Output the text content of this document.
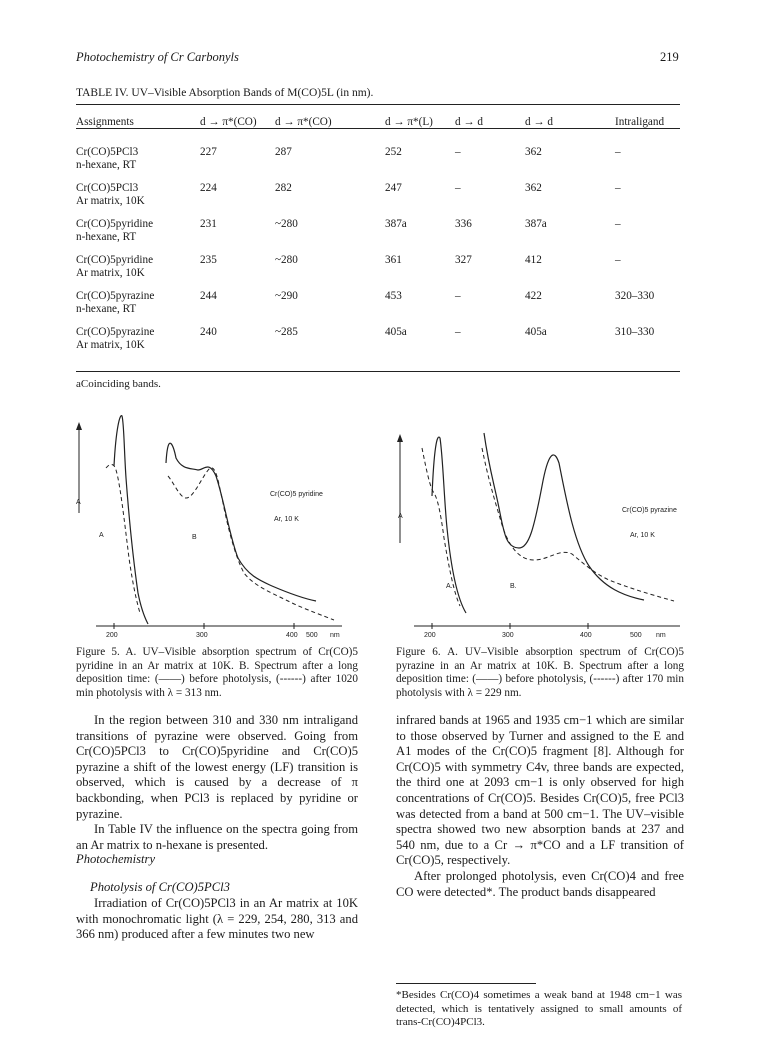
Photochemistry of Cr Carbonyls	219
TABLE IV. UV–Visible Absorption Bands of M(CO)5L (in nm).
Assignments	d → π*(CO)	d → π*(CO)	d → π*(L)	d → d	d → d	Intraligand

Cr(CO)5PCl3
n-hexane, RT	227	287	252	–	362	–

Cr(CO)5PCl3
Ar matrix, 10K	224	282	247	–	362	–

Cr(CO)5pyridine
n-hexane, RT	231	~280	387a	336	387a	–

Cr(CO)5pyridine
Ar matrix, 10K	235	~280	361	327	412	–

Cr(CO)5pyrazine
n-hexane, RT	244	~290	453	–	422	320–330

Cr(CO)5pyrazine
Ar matrix, 10K	240	~285	405a	–	405a	310–330
aCoinciding bands.
A
A	B
Cr(CO)5 pyridine
Ar, 10 K
200	300	400 500 nm
Figure 5. A. UV–Visible absorption spectrum of Cr(CO)5 pyridine in an Ar matrix at 10K. B. Spectrum after a long deposition time: (——) before photolysis, (------) after 1020 min photolysis with λ = 313 nm.
A
A.	B.
Cr(CO)5 pyrazine
Ar, 10 K
200	300	400	500 nm
Figure 6. A. UV–Visible absorption spectrum of Cr(CO)5 pyrazine in an Ar matrix at 10K. B. Spectrum after a long deposition time: (——) before photolysis, (------) after 170 min photolysis with λ = 229 nm.

In the region between 310 and 330 nm intraligand transitions of pyrazine were observed. Going from Cr(CO)5PCl3 to Cr(CO)5pyridine and Cr(CO)5 pyrazine a shift of the lowest energy (LF) transition is observed, which is caused by a decrease of π backbonding, when PCl3 is replaced by pyridine or pyrazine.

In Table IV the influence on the spectra going from an Ar matrix to n-hexane is presented.

Photochemistry
Photolysis of Cr(CO)5PCl3

Irradiation of Cr(CO)5PCl3 in an Ar matrix at 10K with monochromatic light (λ = 229, 254, 280, 313 and 366 nm) produced after a few minutes two new

infrared bands at 1965 and 1935 cm−1 which are similar to those observed by Turner and assigned to the E and A1 modes of the Cr(CO)5 fragment [8]. Although for Cr(CO)5 with symmetry C4v, three bands are expected, the third one at 2093 cm−1 is only observed for high concentrations of Cr(CO)5. Besides Cr(CO)5, free PCl3 was detected from a band at 500 cm−1. The UV–visible spectra showed two new absorption bands at 237 and 540 nm, due to a Cr → π*CO and a LF transition of Cr(CO)5, respectively.

After prolonged photolysis, even Cr(CO)4 and free CO were detected*. The product bands disappeared

*Besides Cr(CO)4 sometimes a weak band at 1948 cm−1 was detected, which is tentatively assigned to small amounts of trans-Cr(CO)4PCl3.
